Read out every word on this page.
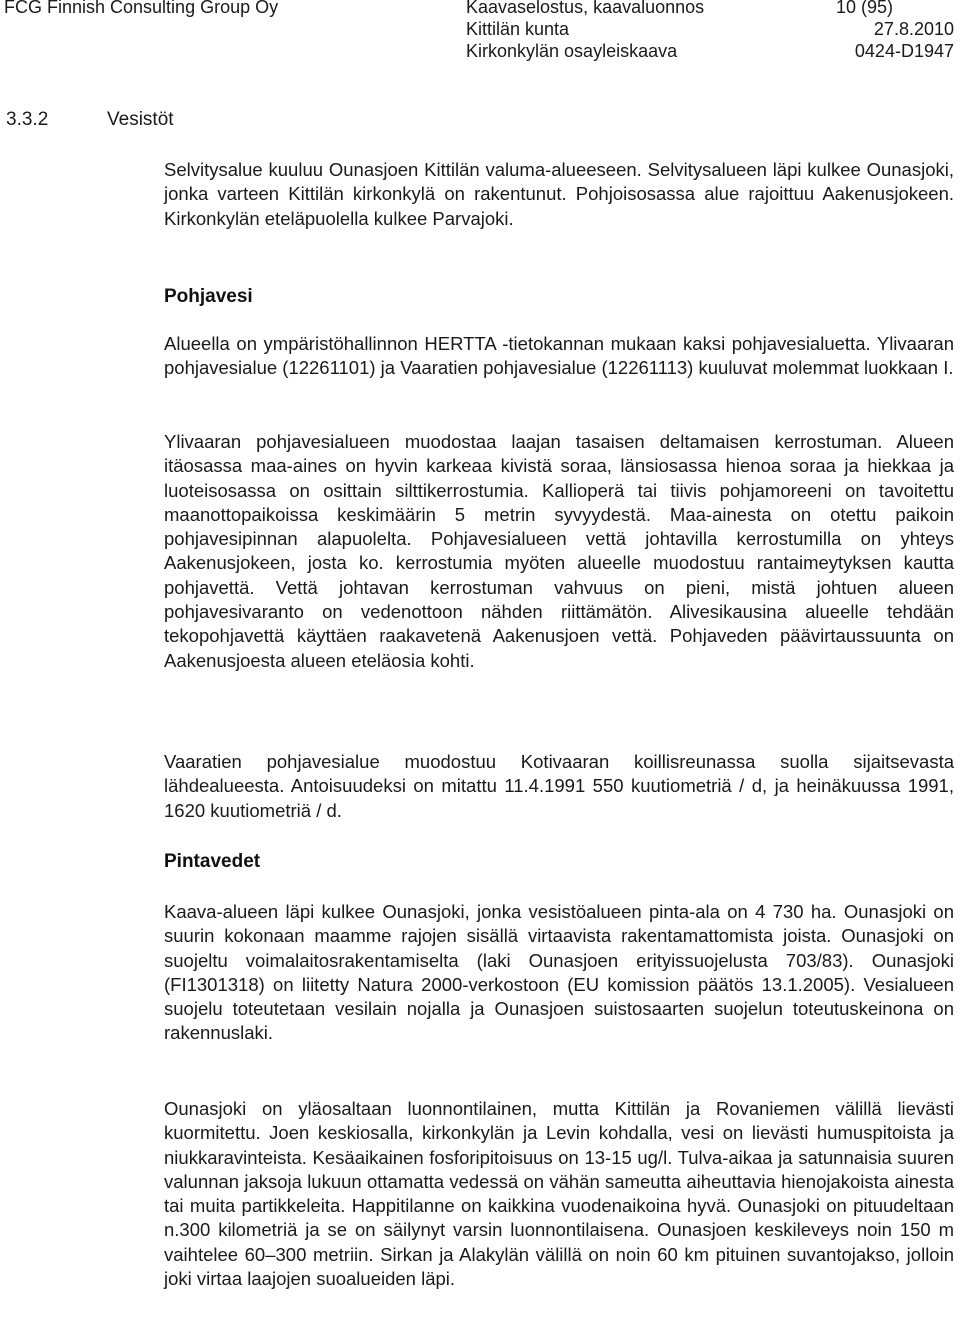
FCG Finnish Consulting Group Oy	Kaavaselostus, kaavaluonnos
Kittilän kunta
Kirkonkylän osayleiskaava
10 (95)
27.8.2010
0424-D1947
3.3.2	Vesistöt

Selvitysalue kuuluu Ounasjoen Kittilän valuma-alueeseen. Selvitysalueen läpi kulkee Ounasjoki, jonka varteen Kittilän kirkonkylä on rakentunut. Pohjoisosassa alue rajoittuu Aakenusjokeen. Kirkonkylän eteläpuolella kulkee Parvajoki.

Pohjavesi

Alueella on ympäristöhallinnon HERTTA -tietokannan mukaan kaksi pohjavesialuetta. Ylivaaran pohjavesialue (12261101) ja Vaaratien pohjavesialue (12261113) kuuluvat molemmat luokkaan I.

Ylivaaran pohjavesialueen muodostaa laajan tasaisen deltamaisen kerrostuman. Alueen itäosassa maa-aines on hyvin karkeaa kivistä soraa, länsiosassa hienoa soraa ja hiekkaa ja luoteisosassa on osittain silttikerrostumia. Kallioperä tai tiivis pohjamoreeni on tavoitettu maanottopaikoissa keskimäärin 5 metrin syvyydestä. Maa-ainesta on otettu paikoin pohjavesipinnan alapuolelta. Pohjavesialueen vettä johtavilla kerrostumilla on yhteys Aakenusjokeen, josta ko. kerrostumia myöten alueelle muodostuu rantaimeytyksen kautta pohjavettä. Vettä johtavan kerrostuman vahvuus on pieni, mistä johtuen alueen pohjavesivaranto on vedenottoon nähden riittämätön. Alivesikausina alueelle tehdään tekopohjavettä käyttäen raakavetenä Aakenusjoen vettä. Pohjaveden päävirtaussuunta on Aakenusjoesta alueen eteläosia kohti.

Vaaratien pohjavesialue muodostuu Kotivaaran koillisreunassa suolla sijaitsevasta lähdealueesta. Antoisuudeksi on mitattu 11.4.1991 550 kuutiometriä / d, ja heinäkuussa 1991, 1620 kuutiometriä / d.

Pintavedet

Kaava-alueen läpi kulkee Ounasjoki, jonka vesistöalueen pinta-ala on 4 730 ha. Ounasjoki on suurin kokonaan maamme rajojen sisällä virtaavista rakentamattomista joista. Ounasjoki on suojeltu voimalaitosrakentamiselta (laki Ounasjoen erityissuojelusta 703/83). Ounasjoki (FI1301318) on liitetty Natura 2000-verkostoon (EU komission päätös 13.1.2005). Vesialueen suojelu toteutetaan vesilain nojalla ja Ounasjoen suistosaarten suojelun toteutuskeinona on rakennuslaki.

Ounasjoki on yläosaltaan luonnontilainen, mutta Kittilän ja Rovaniemen välillä lievästi kuormitettu. Joen keskiosalla, kirkonkylän ja Levin kohdalla, vesi on lievästi humuspitoista ja niukkaravinteista. Kesäaikainen fosforipitoisuus on 13-15 ug/l. Tulva-aikaa ja satunnaisia suuren valunnan jaksoja lukuun ottamatta vedessä on vähän sameutta aiheuttavia hienojakoista ainesta tai muita partikkeleita. Happitilanne on kaikkina vuodenaikoina hyvä. Ounasjoki on pituudeltaan n.300 kilometriä ja se on säilynyt varsin luonnontilaisena. Ounasjoen keskileveys noin 150 m vaihtelee 60–300 metriin. Sirkan ja Alakylän välillä on noin 60 km pituinen suvantojakso, jolloin joki virtaa laajojen suoalueiden läpi.
